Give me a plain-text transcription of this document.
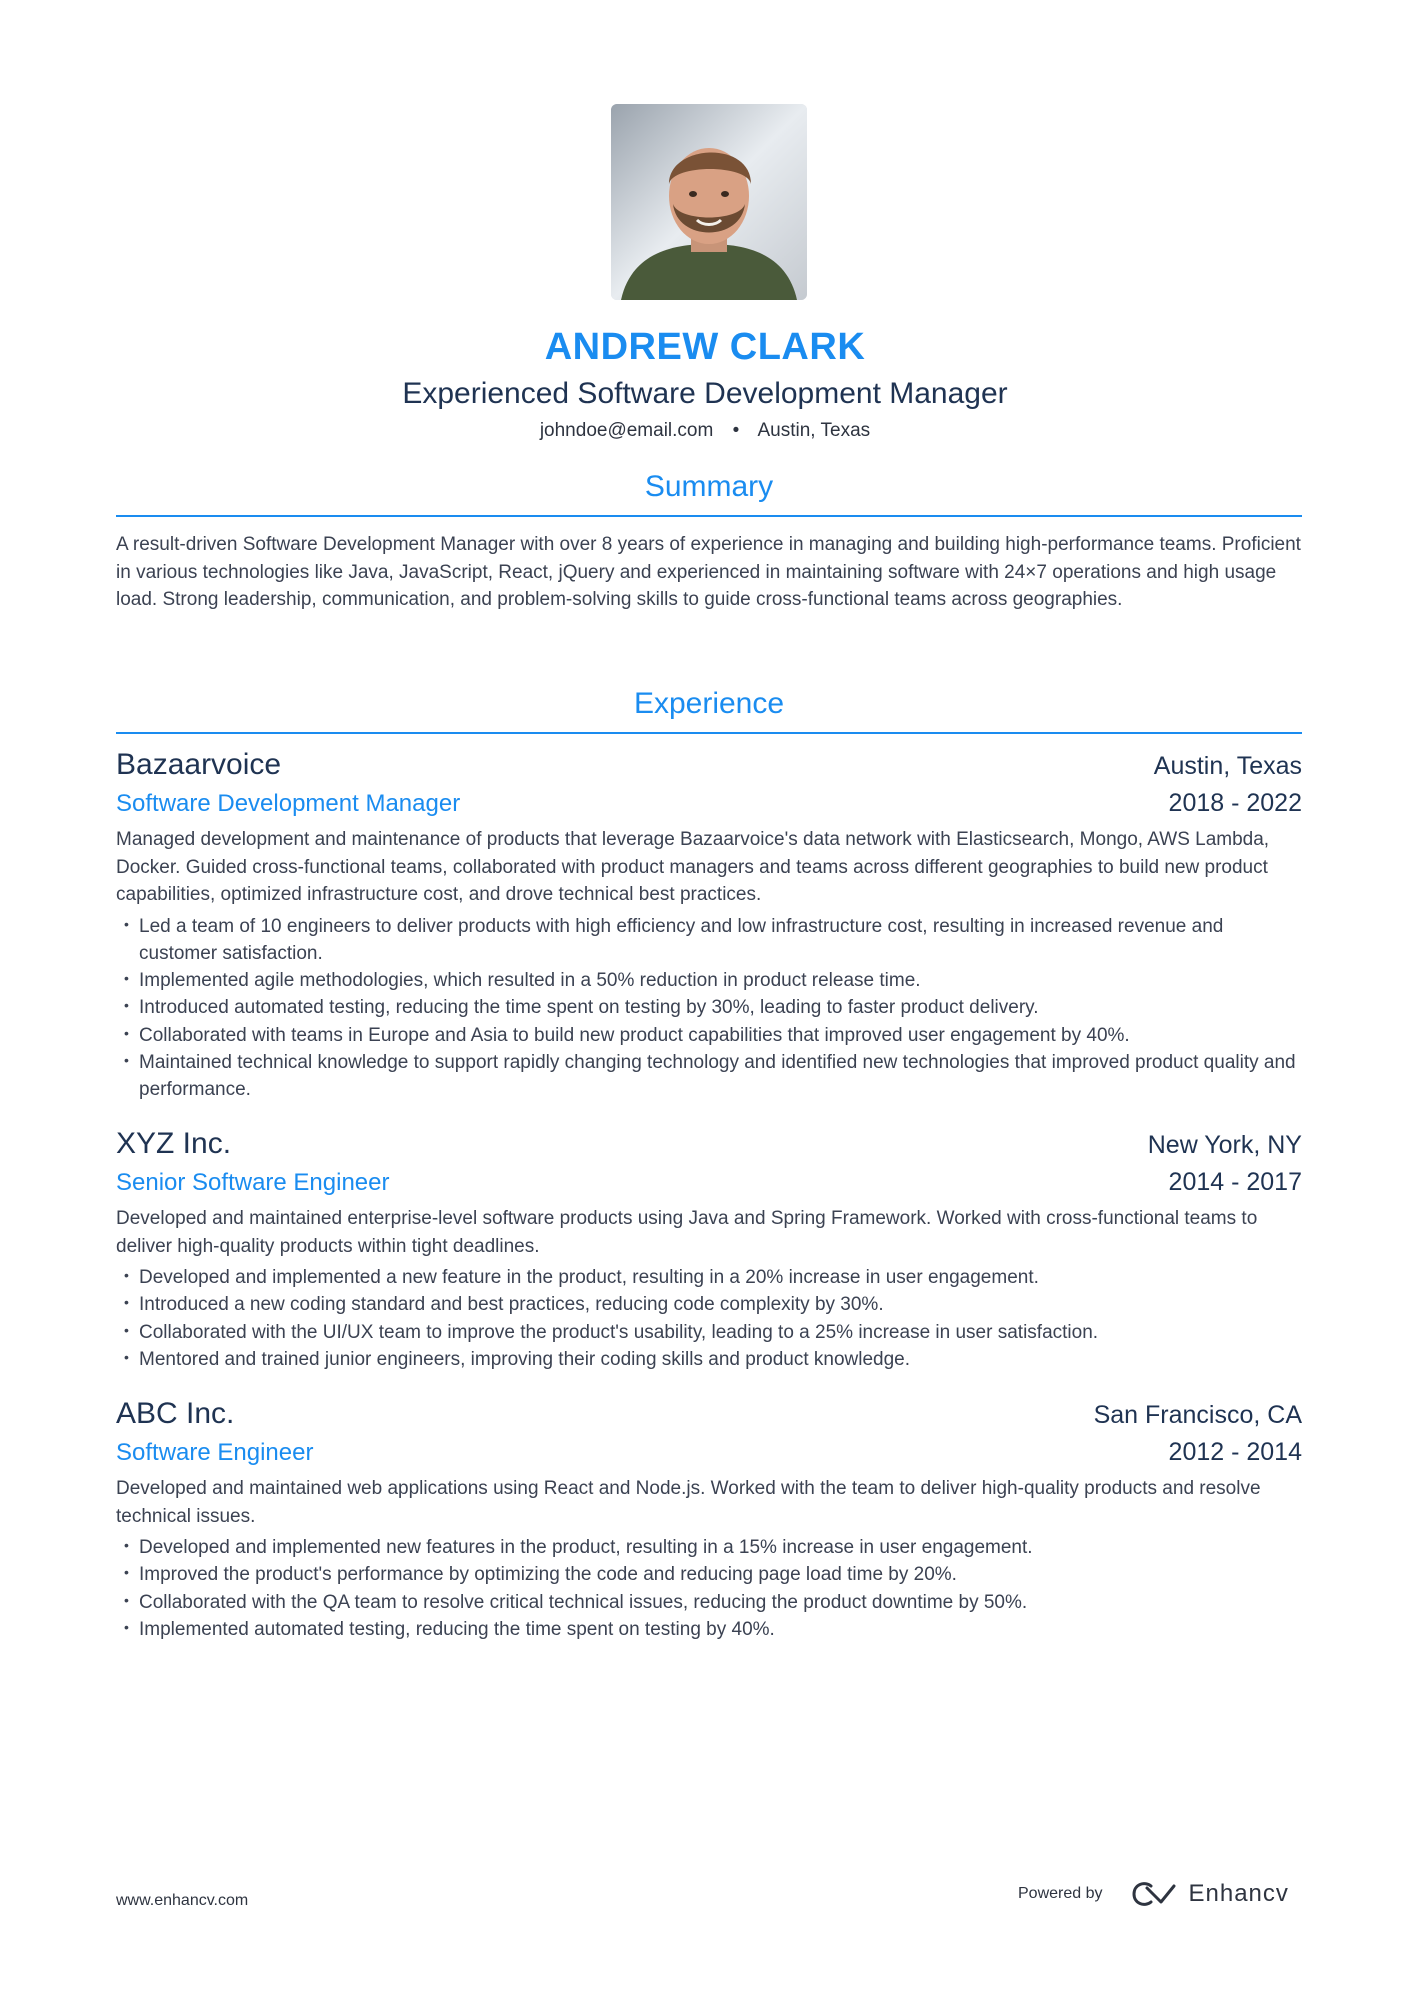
ANDREW CLARK
Experienced Software Development Manager
johndoe@email.com • Austin, Texas
Summary
A result-driven Software Development Manager with over 8 years of experience in managing and building high-performance teams. Proficient in various technologies like Java, JavaScript, React, jQuery and experienced in maintaining software with 24×7 operations and high usage load. Strong leadership, communication, and problem-solving skills to guide cross-functional teams across geographies.
Experience
Bazaarvoice	Austin, Texas
Software Development Manager	2018 - 2022
Managed development and maintenance of products that leverage Bazaarvoice's data network with Elasticsearch, Mongo, AWS Lambda, Docker. Guided cross-functional teams, collaborated with product managers and teams across different geographies to build new product capabilities, optimized infrastructure cost, and drove technical best practices.
• Led a team of 10 engineers to deliver products with high efficiency and low infrastructure cost, resulting in increased revenue and customer satisfaction.
• Implemented agile methodologies, which resulted in a 50% reduction in product release time.
• Introduced automated testing, reducing the time spent on testing by 30%, leading to faster product delivery.
• Collaborated with teams in Europe and Asia to build new product capabilities that improved user engagement by 40%.
• Maintained technical knowledge to support rapidly changing technology and identified new technologies that improved product quality and performance.
XYZ Inc.	New York, NY
Senior Software Engineer	2014 - 2017
Developed and maintained enterprise-level software products using Java and Spring Framework. Worked with cross-functional teams to deliver high-quality products within tight deadlines.
• Developed and implemented a new feature in the product, resulting in a 20% increase in user engagement.
• Introduced a new coding standard and best practices, reducing code complexity by 30%.
• Collaborated with the UI/UX team to improve the product's usability, leading to a 25% increase in user satisfaction.
• Mentored and trained junior engineers, improving their coding skills and product knowledge.
ABC Inc.	San Francisco, CA
Software Engineer	2012 - 2014
Developed and maintained web applications using React and Node.js. Worked with the team to deliver high-quality products and resolve technical issues.
• Developed and implemented new features in the product, resulting in a 15% increase in user engagement.
• Improved the product's performance by optimizing the code and reducing page load time by 20%.
• Collaborated with the QA team to resolve critical technical issues, reducing the product downtime by 50%.
• Implemented automated testing, reducing the time spent on testing by 40%.
www.enhancv.com	Powered by	Enhancv
